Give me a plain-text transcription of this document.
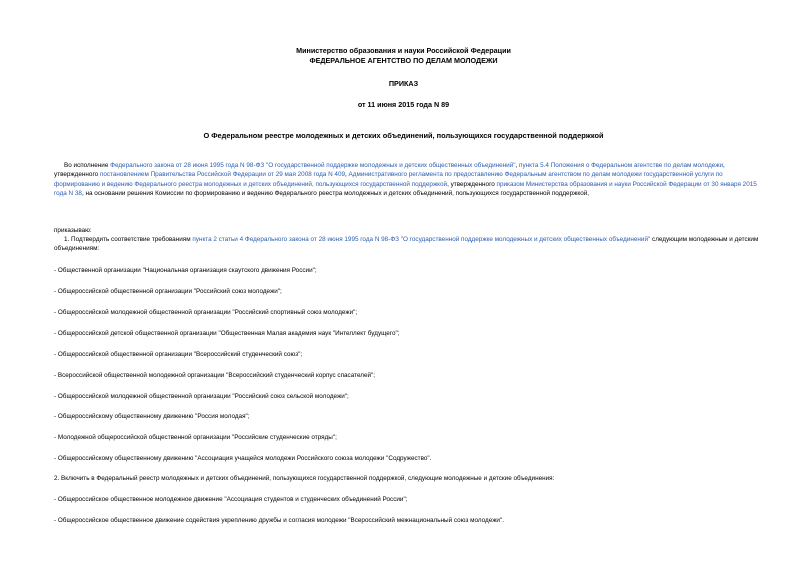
Министерство образования и науки Российской Федерации
ФЕДЕРАЛЬНОЕ АГЕНТСТВО ПО ДЕЛАМ МОЛОДЕЖИ
ПРИКАЗ
от 11 июня 2015 года N 89
О Федеральном реестре молодежных и детских объединений, пользующихся государственной поддержкой

Во исполнение Федерального закона от 28 июня 1995 года N 98-ФЗ "О государственной поддержке молодежных и детских общественных объединений", пункта 5.4 Положения о Федеральном агентстве по делам молодежи, утвержденного постановлением Правительства Российской Федерации от 29 мая 2008 года N 409, Административного регламента по предоставлению Федеральным агентством по делам молодежи государственной услуги по формированию и ведению Федерального реестра молодежных и детских объединений, пользующихся государственной поддержкой, утвержденного приказом Министерства образования и науки Российской Федерации от 30 января 2015 года N 38, на основании решения Комиссии по формированию и ведению Федерального реестра молодежных и детских объединений, пользующихся государственной поддержкой,

приказываю:

1. Подтвердить соответствие требованиям пункта 2 статьи 4 Федерального закона от 28 июня 1995 года N 98-ФЗ "О государственной поддержке молодежных и детских общественных объединений" следующим молодежным и детским объединениям:

- Общественной организации "Национальная организация скаутского движения России";
- Общероссийской общественной организации "Российский союз молодежи";
- Общероссийской молодежной общественной организации "Российский спортивный союз молодежи";
- Общероссийской детской общественной организации "Общественная Малая академия наук "Интеллект будущего";
- Общероссийской общественной организации "Всероссийский студенческий союз";
- Всероссийской общественной молодежной организации "Всероссийский студенческий корпус спасателей";
- Общероссийской молодежной общественной организации "Российский союз сельской молодежи";
- Общероссийскому общественному движению "Россия молодая";
- Молодежной общероссийской общественной организации "Российские студенческие отряды";
- Общероссийскому общественному движению "Ассоциация учащейся молодежи Российского союза молодежи "Содружество".
2. Включить в Федеральный реестр молодежных и детских объединений, пользующихся государственной поддержкой, следующие молодежные и детские объединения:
- Общероссийское общественное молодежное движение "Ассоциация студентов и студенческих объединений России";
- Общероссийское общественное движение содействия укреплению дружбы и согласия молодежи "Всероссийский межнациональный союз молодежи".
